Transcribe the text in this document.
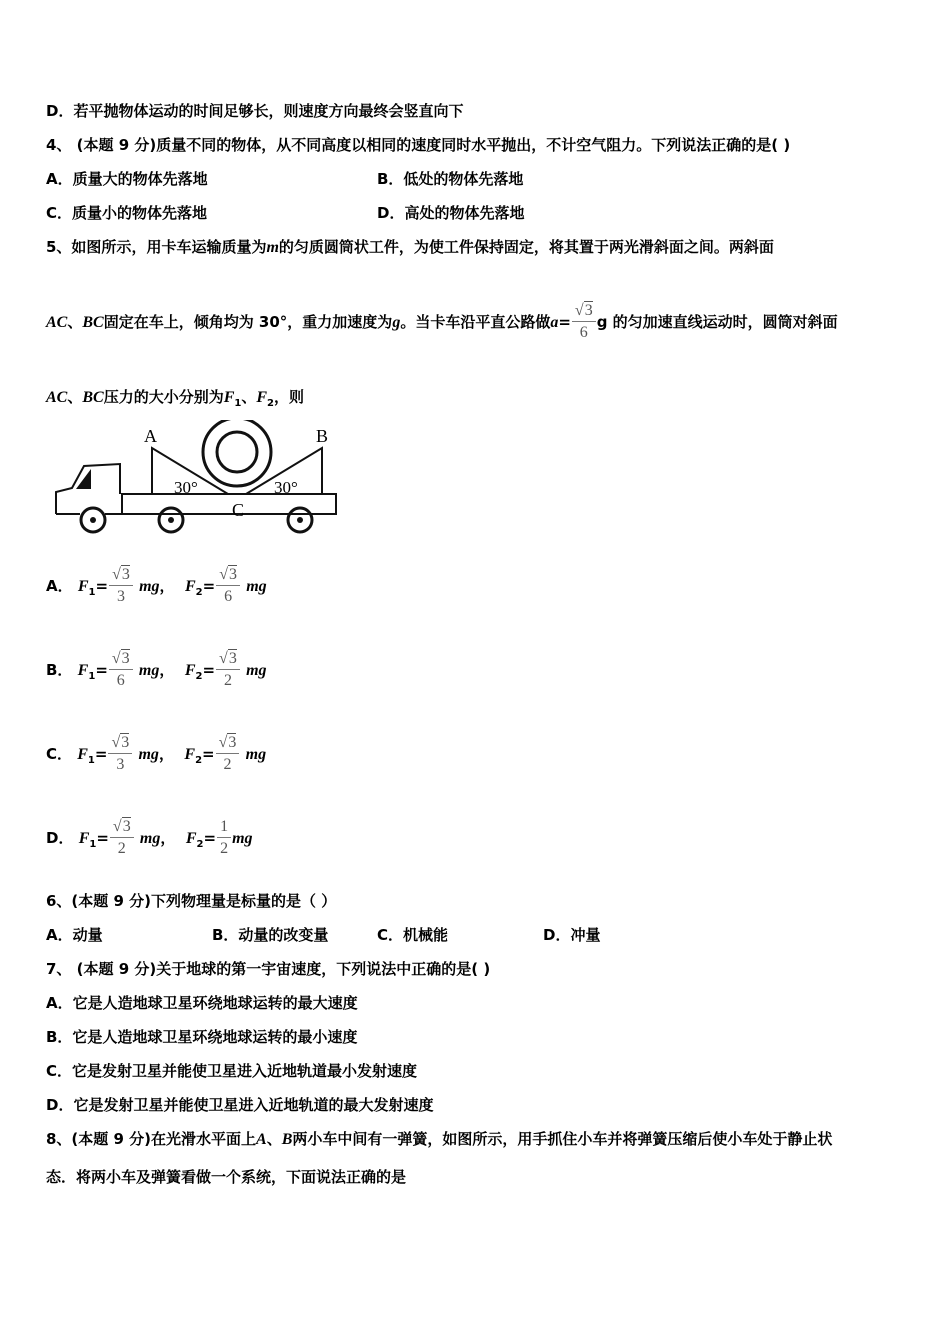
D．若平抛物体运动的时间足够长，则速度方向最终会竖直向下
4、 (本题 9 分)质量不同的物体，从不同高度以相同的速度同时水平抛出，不计空气阻力。下列说法正确的是( )
A．质量大的物体先落地	B．低处的物体先落地
C．质量小的物体先落地	D．高处的物体先落地
5、如图所示，用卡车运输质量为m的匀质圆筒状工件，为使工件保持固定，将其置于两光滑斜面之间。两斜面
AC、BC固定在车上，倾角均为 30°，重力加速度为g。当卡车沿平直公路做$a= \frac{√3}{6}$ g 的匀加速直线运动时，圆筒对斜面
AC、BC压力的大小分别为$F_1$、$F_2$，则
A	B
C
30°	30°
A． $F_1= \frac{√3}{3}$ mg， $F_2= \frac{√3}{6}$ mg
B． $F_1= \frac{√3}{6}$ mg， $F_2= \frac{√3}{2}$ mg
C． $F_1= \frac{√3}{3}$ mg， $F_2= \frac{√3}{2}$ mg
D． $F_1= \frac{√3}{2}$ mg， $F_2= \frac{1}{2}$ mg
6、(本题 9 分)下列物理量是标量的是（ ）
A．动量	B．动量的改变量	C．机械能	D．冲量
7、 (本题 9 分)关于地球的第一宇宙速度，下列说法中正确的是( )
A．它是人造地球卫星环绕地球运转的最大速度
B．它是人造地球卫星环绕地球运转的最小速度
C．它是发射卫星并能使卫星进入近地轨道最小发射速度
D．它是发射卫星并能使卫星进入近地轨道的最大发射速度
8、(本题 9 分)在光滑水平面上A、B两小车中间有一弹簧，如图所示，用手抓住小车并将弹簧压缩后使小车处于静止状
态．将两小车及弹簧看做一个系统，下面说法正确的是
